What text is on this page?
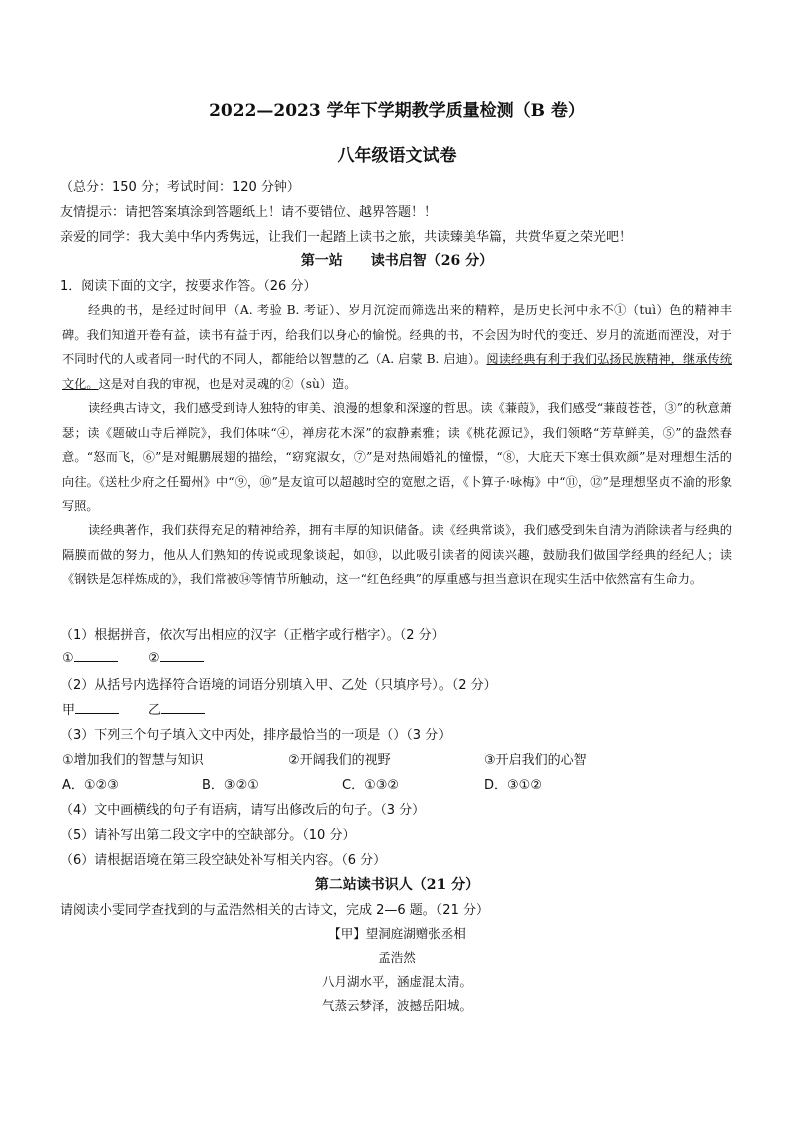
2022—2023 学年下学期教学质量检测（B 卷）
八年级语文试卷
（总分：150 分；考试时间：120 分钟）
友情提示：请把答案填涂到答题纸上！请不要错位、越界答题！！
亲爱的同学：我大美中华内秀隽远，让我们一起踏上读书之旅，共读臻美华篇，共赏华夏之荣光吧！
第一站　　读书启智（26 分）
1．阅读下面的文字，按要求作答。（26 分）
经典的书，是经过时间甲（A. 考验 B. 考证）、岁月沉淀而筛选出来的精粹，是历史长河中永不①（tuì）色的精神丰碑。我们知道开卷有益，读书有益于丙，给我们以身心的愉悦。经典的书，不会因为时代的变迁、岁月的流逝而湮没，对于不同时代的人或者同一时代的不同人，都能给以智慧的乙（A. 启蒙 B. 启迪）。阅读经典有利于我们弘扬民族精神，继承传统文化。这是对自我的审视，也是对灵魂的②（sù）造。
读经典古诗文，我们感受到诗人独特的审美、浪漫的想象和深邃的哲思。读《蒹葭》，我们感受“蒹葭苍苍，③”的秋意萧瑟；读《题破山寺后禅院》，我们体味“④，禅房花木深”的寂静素雅；读《桃花源记》，我们领略“芳草鲜美，⑤”的盎然春意。“怒而飞，⑥”是对鲲鹏展翅的描绘，“窈窕淑女，⑦”是对热闹婚礼的憧憬，“⑧，大庇天下寒士俱欢颜”是对理想生活的向往。《送杜少府之任蜀州》中“⑨，⑩”是友谊可以超越时空的宽慰之语，《卜算子·咏梅》中“⑪，⑫”是理想坚贞不渝的形象写照。
读经典著作，我们获得充足的精神给养，拥有丰厚的知识储备。读《经典常谈》，我们感受到朱自清为消除读者与经典的隔膜而做的努力，他从人们熟知的传说或现象谈起，如⑬，以此吸引读者的阅读兴趣，鼓励我们做国学经典的经纪人；读《钢铁是怎样炼成的》，我们常被⑭等情节所触动，这一“红色经典”的厚重感与担当意识在现实生活中依然富有生命力。
（1）根据拼音，依次写出相应的汉字（正楷字或行楷字）。（2 分）
①	②
（2）从括号内选择符合语境的词语分别填入甲、乙处（只填序号）。（2 分）
甲	乙
（3）下列三个句子填入文中丙处，排序最恰当的一项是（）（3 分）
①增加我们的智慧与知识	②开阔我们的视野	③开启我们的心智
A．①②③	B．③②①	C．①③②	D．③①②
（4）文中画横线的句子有语病，请写出修改后的句子。（3 分）
（5）请补写出第二段文字中的空缺部分。（10 分）
（6）请根据语境在第三段空缺处补写相关内容。（6 分）
第二站读书识人（21 分）
请阅读小雯同学查找到的与孟浩然相关的古诗文，完成 2—6 题。（21 分）
【甲】望洞庭湖赠张丞相
孟浩然
八月湖水平，涵虚混太清。
气蒸云梦泽，波撼岳阳城。
